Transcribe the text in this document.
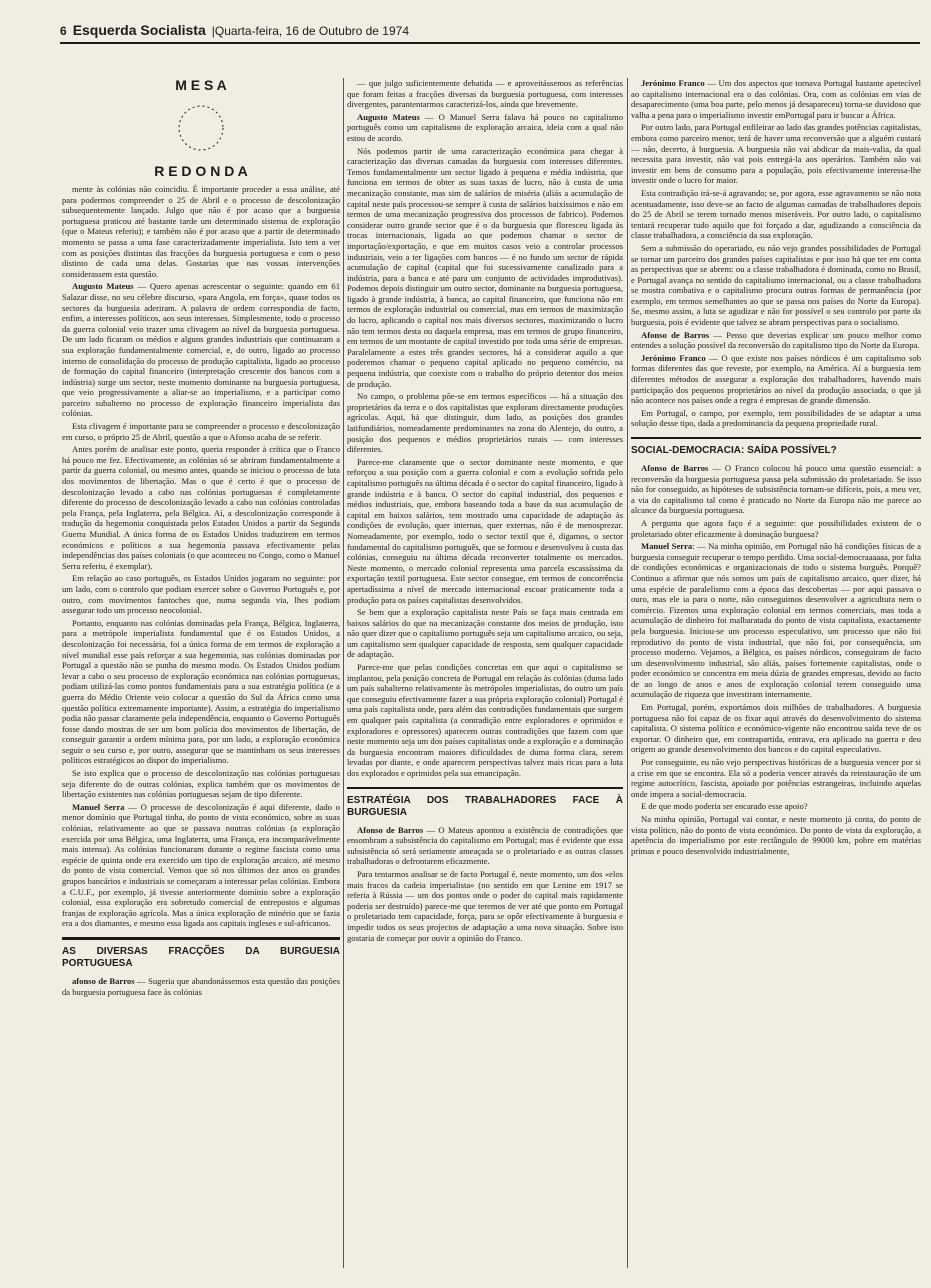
6 Esquerda Socialista |Quarta-feira, 16 de Outubro de 1974
M E S A
R E D O N D A

mente às colónias não coincidiu. É importante proceder a essa análise, até para podermos compreender o 25 de Abril e o processo de descolonização subsequentemente lançado. Julgo que não é por acaso que a burguesia portuguesa praticou até bastante tarde um determinado sistema de exploração (que o Mateus referiu); e também não é por acaso que a partir de determinado momento se passa a uma fase caracterizadamente imperialista. Isto tem a ver com as posições distintas das fracções da burguesia portuguesa e com o peso distinto de cada uma delas. Gostarias que nas vossas intervenções considerassem esta questão.

Augusto Mateus — Quero apenas acrescentar o seguinte: quando em 61 Salazar disse, no seu célebre discurso, «para Angola, em força», quase todos os sectores da burguesia aderiram. A palavra de ordem correspondia de facto, enfim, a interesses políticos, aos seus interesses. Simplesmente, todo o processo da guerra colonial veio trazer uma clivagem ao nível da burguesia portuguesa. De um lado ficaram os médios e alguns grandes industriais que continuaram a sua exploração fundamentalmente comercial, e, do outro, ligado ao processo interno de consolidação do processo de produção capitalista, ligado ao processo de formação do capital financeiro (interpretação crescente dos bancos com a indústria) surge um sector, neste momento dominante na burguesia portuguesa, que veio progressivamente a aliar-se ao imperialismo, e a participar como parceiro subalterno no processo de exploração financeiro imperialista das colónias.

Esta clivagem é importante para se compreender o processo e descolonização em curso, o próprio 25 de Abril, questão a que o Afonso acaba de se referir.

Antes porém de analisar este ponto, queria responder à crítica que o Franco há pouco me fez. Efectivamente, as colónias só se abriram fundamentalmente a partir da guerra colonial, ou mesmo antes, quando se iniciou o processo de luta dos movimentos de libertação. Mas o que é certo é que o processo de descolonização levado a cabo nas colónias portuguesas é completamente diferente do processo de descolonização levado a cabo nas colónias controladas pela França, pela Inglaterra, pela Bélgica. Aí, a descolonização corresponde à tradução da hegemonia conquistada pelos Estados Unidos a partir da Segunda Guerra Mundial. A única forma de os Estados Unidos traduzirem em termos económicos e políticos a sua hegemonia passava efectivamente pelas independências dos países coloniais (o que aconteceu no Congo, como o Manuel Serra referiu, é exemplar).

Em relação ao caso português, os Estados Unidos jogaram no seguinte: por um lado, com o controlo que podiam exercer sobre o Governo Português e, por outro, com movimentos fantoches que, numa segunda via, lhes podiam assegurar todo um processo neocolonial.

Portanto, enquanto nas colónias dominadas pela França, Bélgica, Inglaterra, para a metrópole imperialista fundamental que é os Estados Unidos, a descolonização foi necessária, foi a única forma de em termos de exploração a nível mundial esse país reforçar a sua hegemonia, nas colónias dominadas por Portugal a questão não se punha do mesmo modo. Os Estados Unidos podiam levar a cabo o seu processo de exploração económica nas colónias portuguesas, podiam utilizá-las como pontos fundamentais para a sua estratégia política (e a guerra do Médio Oriente veio colocar a questão do Sul da África como uma questão política extremamente importante). Assim, a estratégia do imperialismo podia não passar claramente pela independência, enquanto o Governo Português fosse dando mostras de ser um bom polícia dos movimentos de libertação, de conseguir garantir a ordem mínima para, por um lado, a exploração económica seguir o seu curso e, por outro, assegurar que se mantinham os seus interesses políticos estratégicos ao dispor do imperialismo.

Se isto explica que o processo de descolonização nas colónias portuguesas seja diferente do de outras colónias, explica também que os movimentos de libertação existentes nas colónias portuguesas sejam de tipo diferente.

Manuel Serra — O processo de descolonização é aqui diferente, dado o menor domínio que Portugal tinha, do ponto de vista económico, sobre as suas colónias, relativamente ao que se passava noutras colónias (a exploração exercida por uma Bélgica, uma Inglaterra, uma França, era incomparávelmente mais intensa). As colónias funcionaram durante o regime fascista como uma espécie de quinta onde era exercido um tipo de exploração arcaico, até mesmo do ponto de vista comercial. Vemos que só nos últimos dez anos os grandes grupos bancários e industriais se começaram a interessar pelas colónias. Embora a C.U.F., por exemplo, já tivesse anteriormente domínio sobre a exploração colonial, essa exploração era sobretudo comercial de entrepostos e algumas franjas de exploração agrícola. Mas a única exploração de minério que se fazia era a dos diamantes, e mesmo essa ligada aos capitais ingleses e sul-africanos.

AS DIVERSAS FRACÇÕES DA BURGUESIA PORTUGUESA

afonso de Barros — Sugeria que abandonássemos esta questão das posições da burguesia portuguesa face às colónias

— que julgo suficientemente debatida — e aproveitássemos as referências que foram feitas a fracções diversas da burguesia portuguesa, com interesses divergentes, parantentarmos caracterizá-los, ainda que brevemente.

Augusto Mateus — O Manuel Serra falava há pouco no capitalismo português como um capitalismo de exploração arcaica, ideia com a qual não estou de acordo.

Nós podemos partir de uma caracterização económica para chegar à caracterização das diversas camadas da burguesia com interesses diferentes. Temos fundamentalmente um sector ligado à pequena e média indústria, que funciona em termos de obter as suas taxas de lucro, não à custa de uma mecanização constante, mas sim de salários de miséria (aliás a acumulação de capital neste país processou-se sempre à custa de salários baixíssimos e não em termos de uma mecanização progressiva dos processos de fabrico). Podemos considerar outro grande sector que é o da burguesia que floresceu ligada às trocas internacionais, ligada ao que podemos chamar o sector de importação/exportação, e que em muitos casos veio a controlar processos industriais, veio a ter ligações com bancos — é no fundo um sector de rápida acumulação de capital (capital que foi sucessivamente canalizado para a indústria, para a banca e até para um conjunto de actividades improdutivas). Podemos depois distinguir um outro sector, dominante na burguesia portuguesa, ligado à grande indústria, à banca, ao capital financeiro, que funciona não em termos de exploração industrial ou comercial, mas em termos de maximização do lucro, aplicando o capital nos mais diversos sectores, maximizando o lucro não tem termos desta ou daquela empresa, mas em termos de grupo financeiro, em termos de um montante de capital investido por toda uma série de empresas. Paralelamente a estes três grandes sectores, há a considerar aquilo a que poderemos chamar o pequeno capital aplicado no pequeno comércio, na pequena indústria, que coexiste com o trabalho do próprio detentor dos meios de produção.

No campo, o problema põe-se em termos específicos — há a situação dos proprietários da terra e o dos capitalistas que exploram directamente produções agrícolas. Aqui, há que distinguir, dum lado, as posições dos grandes latifundiários, nomeadamente predominantes na zona do Alentejo, do outro, a posição dos pequenos e médios proprietários rurais — com interesses diferentes.

Parece-me claramente que o sector dominante neste momento, e que reforçou a sua posição com a guerra colonial e com a evolução sofrida pelo capitalismo português na última década é o sector do capital financeiro, ligado à grande indústria e à banca. O sector do capital industrial, dos pequenos e médios industriais, que, embora baseando toda a base da sua acumulação de capital em baixos salários, tem mostrado uma capacidade de adaptação às condições de evolução, quer internas, quer externas, não é de menosprezar. Nomeadamente, por exemplo, todo o sector textil que é, digamos, o sector fundamental do capitalismo português, que se formou e desenvolveu à custa das colónias, conseguiu na última década reconverter totalmente os mercados. Neste momento, o mercado colonial representa uma parcela escassíssima da exportação textil portuguesa. Este sector consegue, em termos de concorrência apertadíssima a nível de mercado internacional escoar praticamente toda a produção para os países capitalistas desenvolvidos.

Se bem que a exploração capitalista neste País se faça mais centrada em baixos salários do que na mecanização constante dos meios de produção, isto não quer dizer que o capitalismo português seja um capitalismo arcaico, ou seja, um capitalismo sem qualquer capacidade de resposta, sem qualquer capacidade de adaptação.

Parece-me que pelas condições concretas em que aqui o capitalismo se implantou, pela posição concreta de Portugal em relação às colónias (duma lado um país subalterno relativamente às metrópoles imperialistas, do outro um país que conseguiu efectivamente fazer a sua própria exploração colonial) Portugal é uma país capitalista onde, para além das contradições fundamentais que surgem em qualquer país capitalista (a contradição entre exploradores e oprimidos e exploradores e opressores) aparecem outras contradições que fazem com que neste momento seja um dos países capitalistas onde a exploração e a dominação da burguesia encontram maiores dificuldades de duma forma clara, serem levadas por diante, e onde aparecem perspectivas talvez mais ricas para a luta dos explorados e oprimidos pela sua emancipação.

ESTRATÉGIA DOS TRABALHADORES FACE À BURGUESIA

Afonso de Barros — O Mateus apontou a existência de contradições que ensombram a subsistência do capitalismo em Portugal; mas é evidente que essa subsistência só será seriamente ameaçada se o proletariado e as outras classes trabalhadoras o defrontarem eficazmente.

Para tentarmos analisar se de facto Portugal é, neste momento, um dos «elos mais fracos da cadeia imperialista» (no sentido em que Lenine em 1917 se referia à Rússia — um dos pontos onde o poder do capital mais rapidamente poderia ser destruído) parece-me que teremos de ver até que ponto em Portugal o proletariado tem capacidade, força, para se opôr efectivamente à burguesia e impedir todos os seus projectos de adaptação a uma nova situação. Sobre isto gostaria de começar por ouvir a opinião do Franco.

Jerónimo Franco — Um dos aspectos que tornava Portugal bastante apetecível ao capitalismo internacional era o das colónias. Ora, com as colónias em vias de desaparecimento (uma boa parte, pelo menos já desapareceu) torna-se duvidoso que valha a pena para o imperialismo investir emPortugal para ir buscar a África.

Por outro lado, para Portugal enfileirar ao lado das grandes potências capitalistas, embora como parceiro menor, terá de haver uma reconversão que a alguém custará — não, decerto, à burguesia. A burguesia não vai abdicar da mais-valia, da qual necessita para investir, não vai pois entregá-la aos operários. Também não vai investir em bens de consumo para a população, pois efectivamente interessa-lhe investir onde o lucro for maior.

Esta contradição irá-se-á agravando; se, por agora, esse agravamento se não nota acentuadamente, isso deve-se ao facto de algumas camadas de trabalhadores depois do 25 de Abril se terem tornado menos miseráveis. Por outro lado, o capitalismo tentará recuperar tudo aquilo que foi forçado a dar, agudizando a consciência da classe trabalhadora, a consciência da sua exploração.

Sem a submissão do operariado, eu não vejo grandes possibilidades de Portugal se tornar um parceiro dos grandes países capitalistas e por isso há que ter em conta as perspectivas que se abrem: ou a classe trabalhadora é dominada, como no Brasil, e Portugal avança no sentido do capitalismo internacional, ou a classe trabalhadora se mostra combativa e o capitalismo procura outras formas de permanência (por exemplo, em termos semelhantes ao que se passa nos países do Norte da Europa). Se, mesmo assim, a luta se agudizar e não for possível o seu controlo por parte da burguesia, pois é evidente que talvez se abram perspectivas para o socialismo.

Afonso de Barros — Penso que deverias explicar um pouco melhor como entendes a solução possível da reconversão do capitalismo tipo do Norte da Europa.

Jerónimo Franco — O que existe nos países nórdicos é um capitalismo sob formas diferentes das que reveste, por exemplo, na América. Aí a burguesia tem diferentes métodos de assegurar a exploração dos trabalhadores, havendo mais participação dos pequenos proprietários ao nível da produção associada, o que já não acontece nos países onde a regra é empresas de grande dimensão.

Em Portugal, o campo, por exemplo, tem possibilidades de se adaptar a uma solução desse tipo, dada a predominancia da pequena propriedade rural.

SOCIAL-DEMOCRACIA: SAÍDA POSSÍVEL?

Afonso de Barros — O Franco colocou há pouco uma questão essencial: a reconversão da burguesia portuguesa passa pela submissão do proletariado. Se isso não for conseguido, as hipóteses de subsistência tornam-se difíceis, pois, a meu ver, a via do capitalismo tal como é praticado no Norte da Europa não me parece ao alcance da burguesia portuguesa.

A pergunta que agora faço é a seguinte: que possibilidades existem de o proletariado obter eficazmente à dominação burguesa?

Manuel Serra: — Na minha opinião, em Portugal não há condições físicas de a burguesia conseguir recuperar o tempo perdido. Uma social-democraaaaaa, por falta de condições económicas e organizacionais de todo o sistema burguês. Porquê? Continuo a afirmar que nós somos um país de capitalismo arcaico, quer dizer, há uma espécie de paralelismo com a época das descobertas — por aqui passava o ouro, mas ele ia para o norte, não conseguimos desenvolver a agricultura nem o comércio. Fizemos uma exploração colonial em termos comerciais, mas toda a acumulação de dinheiro foi malbaratada do ponto de vista capitalista, exactamente pela burguesia. Iniciou-se um processo especulativo, um processo que não foi reprodutivo do ponto de vista industrial, que não foi, por consequência, um processo moderno. Vejamos, a Bélgica, os países nórdicos, conseguiram de facto um desenvolvimento industrial, são aliás, países fortemente capitalistas, onde o poder económico se concentra em meia dúzia de grandes empresas, devido ao facto de ao longo de anos e anos de exploração colonial terem conseguido uma acumulação de riqueza que investiram internamente.

Em Portugal, porém, exportámos dois milhões de trabalhadores. A burguesia portuguesa não foi capaz de os fixar aqui através do desenvolvimento do sistema capitalista. O sistema político e económico-vigente não encontrou saída teve de os exportar. O dinheiro que, em contrapartida, entrava, era aplicado na guerra e deu origem ao grande desenvolvimento dos bancos e do capital especulativo.

Por conseguinte, eu não vejo perspectivas históricas de a burguesia vencer por si a crise em que se encontra. Ela só a poderia vencer através da reinstauração de um regime autocrítico, fascista, apoiado por potências estrangeiras, incluindo aquelas onde impera a social-democracia.

E de que modo poderia ser encarado esse apoio?

Na minha opinião, Portugal vai contar, e neste momento já conta, do ponto de vista político, não do ponto de vista económico. Do ponto de vista da exploração, a apetência do imperialismo por este rectângulo de 99000 km, pobre em matérias primas e pouco desenvolvido industrialmente,
